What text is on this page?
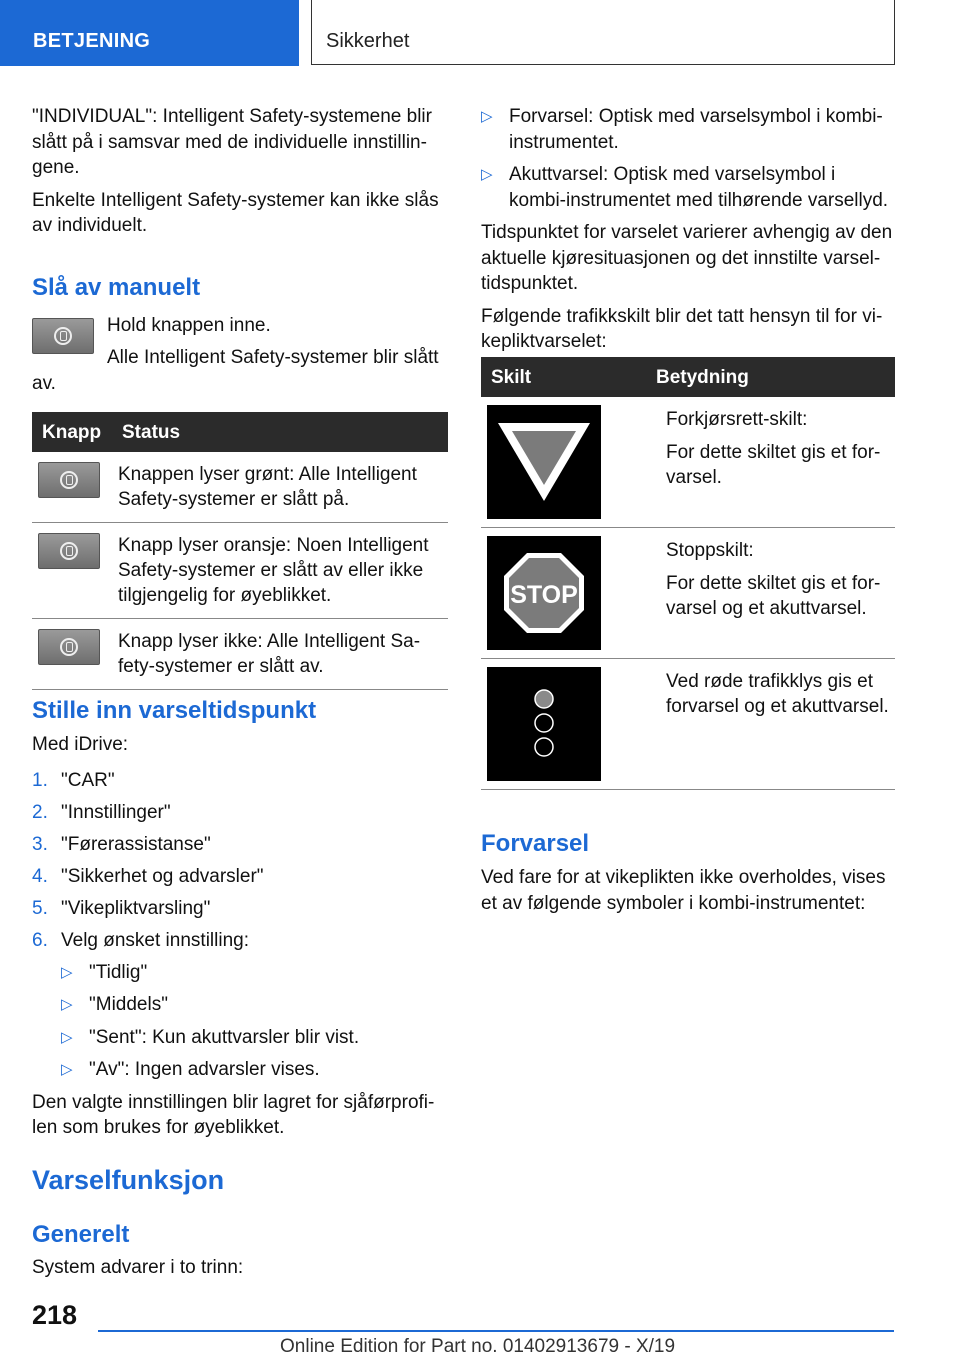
BETJENING	Sikkerhet

"INDIVIDUAL": Intelligent Safety-systemene blir slått på i samsvar med de individuelle innstillingene.

Enkelte Intelligent Safety-systemer kan ikke slås av individuelt.

Slå av manuelt

Hold knappen inne.

Alle Intelligent Safety-systemer blir slått av.

Knapp	Status

	Knappen lyser grønt: Alle Intelligent Safety-systemer er slått på.

	Knapp lyser oransje: Noen Intelligent Safety-systemer er slått av eller ikke tilgjengelig for øyeblikket.

	Knapp lyser ikke: Alle Intelligent Safety-systemer er slått av.
Stille inn varseltidspunkt

Med iDrive:

1. "CAR"
2. "Innstillinger"
3. "Førerassistanse"
4. "Sikkerhet og advarsler"
5. "Vikepliktvarsling"
6. Velg ønsket innstilling:
▷ "Tidlig"
▷ "Middels"
▷ "Sent": Kun akuttvarsler blir vist.
▷ "Av": Ingen advarsler vises.

Den valgte innstillingen blir lagret for sjåførprofilen som brukes for øyeblikket.

Varselfunksjon
Generelt

System advarer i to trinn:

▷ Forvarsel: Optisk med varselsymbol i kombi-instrumentet.
▷ Akuttvarsel: Optisk med varselsymbol i kombi-instrumentet med tilhørende varsellyd.

Tidspunktet for varselet varierer avhengig av den aktuelle kjøresituasjonen og det innstilte varseltidspunktet.

Følgende trafikkskilt blir det tatt hensyn til for vikepliktvarselet:

Skilt	Betydning

Forkjørsrett-skilt:
For dette skiltet gis et forvarsel.

STOP	Stoppskilt:
For dette skiltet gis et forvarsel og et akuttvarsel.

Ved røde trafikklys gis et forvarsel og et akuttvarsel.
Forvarsel

Ved fare for at vikeplikten ikke overholdes, vises et av følgende symboler i kombi-instrumentet:

218
Online Edition for Part no. 01402913679 - X/19
